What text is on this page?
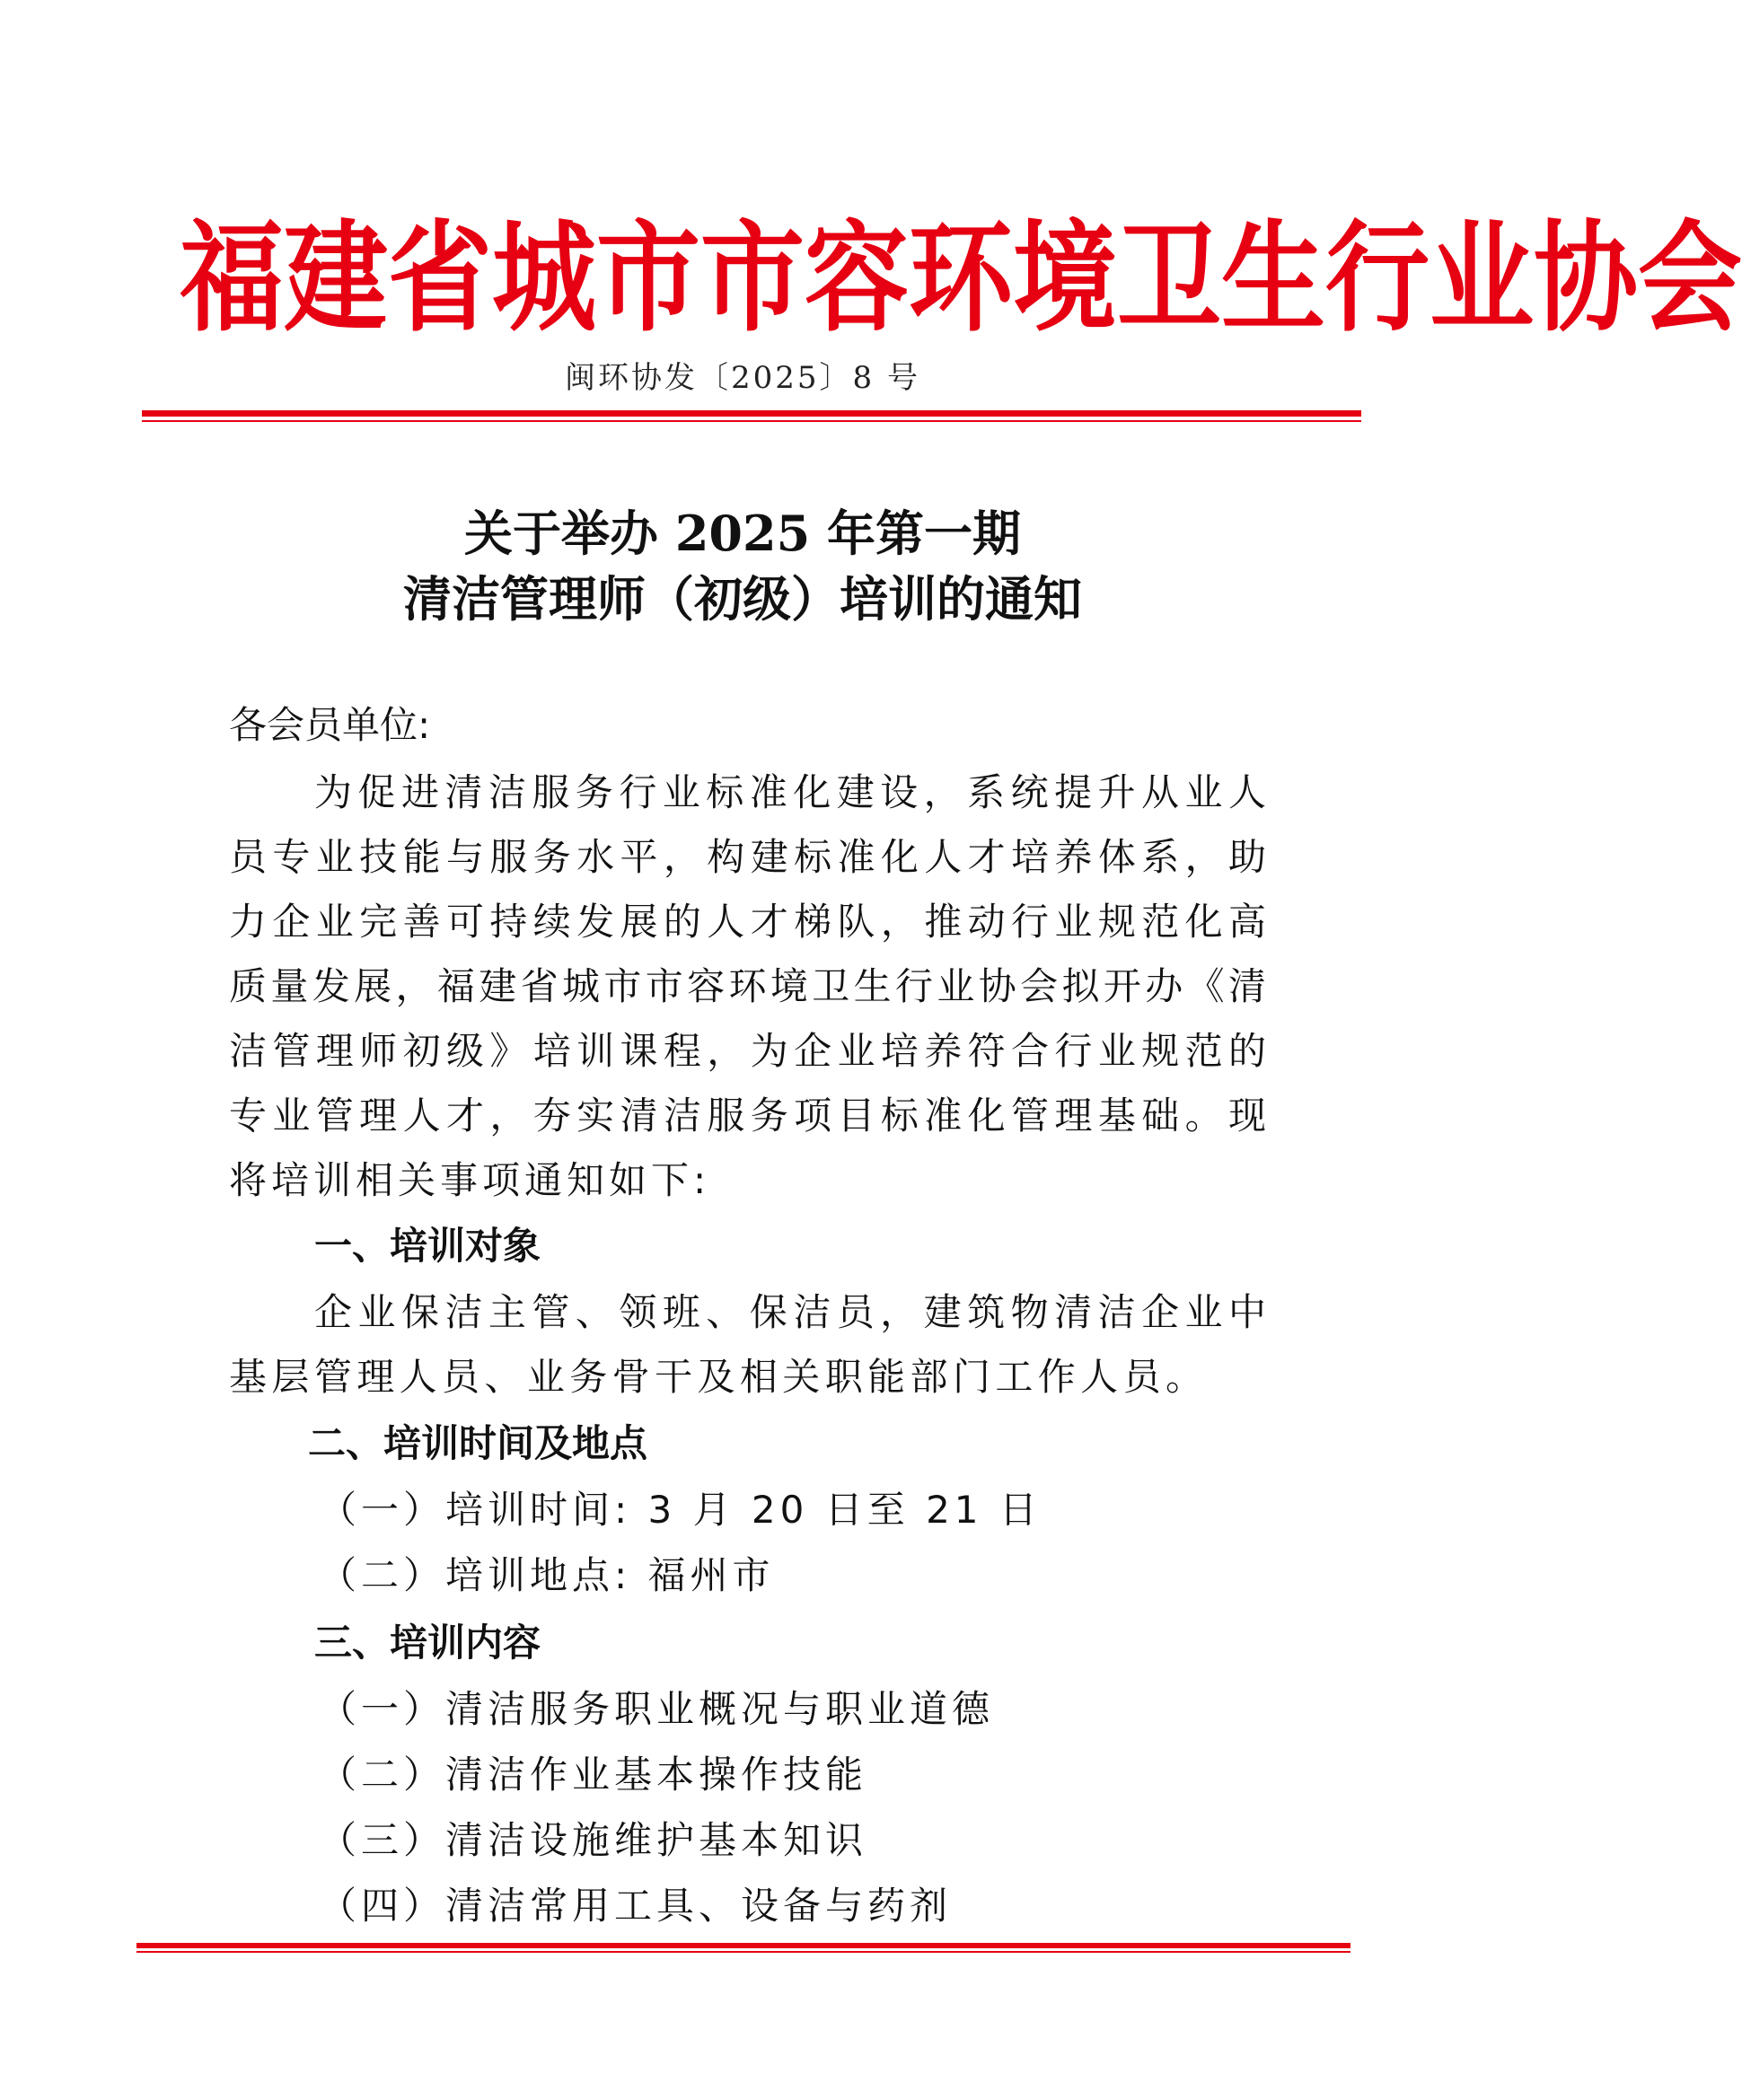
福建省城市市容环境卫生行业协会
闽环协发〔2025〕8 号
关于举办 2025 年第一期
清洁管理师（初级）培训的通知
各会员单位:
为促进清洁服务行业标准化建设，系统提升从业人
员专业技能与服务水平，构建标准化人才培养体系，助
力企业完善可持续发展的人才梯队，推动行业规范化高
质量发展，福建省城市市容环境卫生行业协会拟开办《清
洁管理师初级》培训课程，为企业培养符合行业规范的
专业管理人才，夯实清洁服务项目标准化管理基础。现
将培训相关事项通知如下:
一、培训对象
企业保洁主管、领班、保洁员，建筑物清洁企业中
基层管理人员、业务骨干及相关职能部门工作人员。
二、培训时间及地点
（一）培训时间: 3 月 20 日至 21 日
（二）培训地点: 福州市
三、培训内容
（一）清洁服务职业概况与职业道德
（二）清洁作业基本操作技能
（三）清洁设施维护基本知识
（四）清洁常用工具、设备与药剂
